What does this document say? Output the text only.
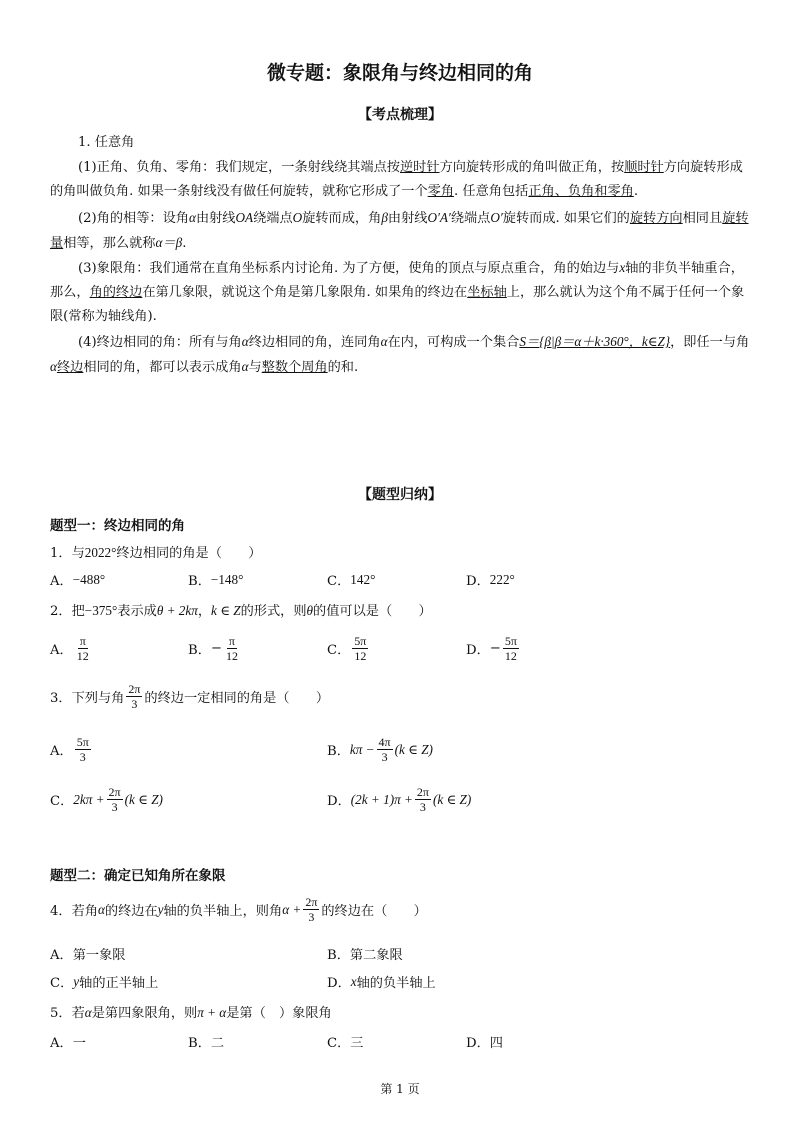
微专题：象限角与终边相同的角
【考点梳理】
1. 任意角
(1)正角、负角、零角：我们规定，一条射线绕其端点按逆时针方向旋转形成的角叫做正角，按顺时针方向旋转形成的角叫做负角. 如果一条射线没有做任何旋转，就称它形成了一个零角. 任意角包括正角、负角和零角.
(2)角的相等：设角α由射线OA绕端点O旋转而成，角β由射线O′A′绕端点O′旋转而成. 如果它们的旋转方向相同且旋转量相等，那么就称α＝β.
(3)象限角：我们通常在直角坐标系内讨论角. 为了方便，使角的顶点与原点重合，角的始边与x轴的非负半轴重合，那么，角的终边在第几象限，就说这个角是第几象限角. 如果角的终边在坐标轴上，那么就认为这个角不属于任何一个象限(常称为轴线角).
(4)终边相同的角：所有与角α终边相同的角，连同角α在内，可构成一个集合S＝{β|β＝α＋k·360°，k∈Z}，即任一与角α终边相同的角，都可以表示成角α与整数个周角的和.
【题型归纳】
题型一：终边相同的角
1．与2022°终边相同的角是（　　）
A． −488°	B． −148°	C． 142°	D． 222°
2．把−375°表示成θ + 2kπ，k ∈ Z的形式，则θ的值可以是（　　）
A． $\frac{\pi}{12}$	B． − $\frac{\pi}{12}$	C． $\frac{5\pi}{12}$	D． − $\frac{5\pi}{12}$
3．下列与角 $\frac{2\pi}{3}$ 的终边一定相同的角是（　　）
A． $\frac{5\pi}{3}$	B． $k\pi - \frac{4\pi}{3} (k$ ∈ Z)
C． $2k\pi + \frac{2\pi}{3} (k$ ∈ Z)	D． $(2k + 1)\pi + \frac{2\pi}{3} (k$ ∈ Z)
题型二：确定已知角所在象限
4．若角 α 的终边在 y 轴的负半轴上，则角 $\alpha + \frac{2\pi}{3}$ 的终边在（　　）
A． 第一象限	B． 第二象限
C． y 轴的正半轴上	D． x 轴的负半轴上
5．若α是第四象限角，则π + α是第（　）象限角
A． 一	B． 二	C． 三	D． 四
第 1 页
